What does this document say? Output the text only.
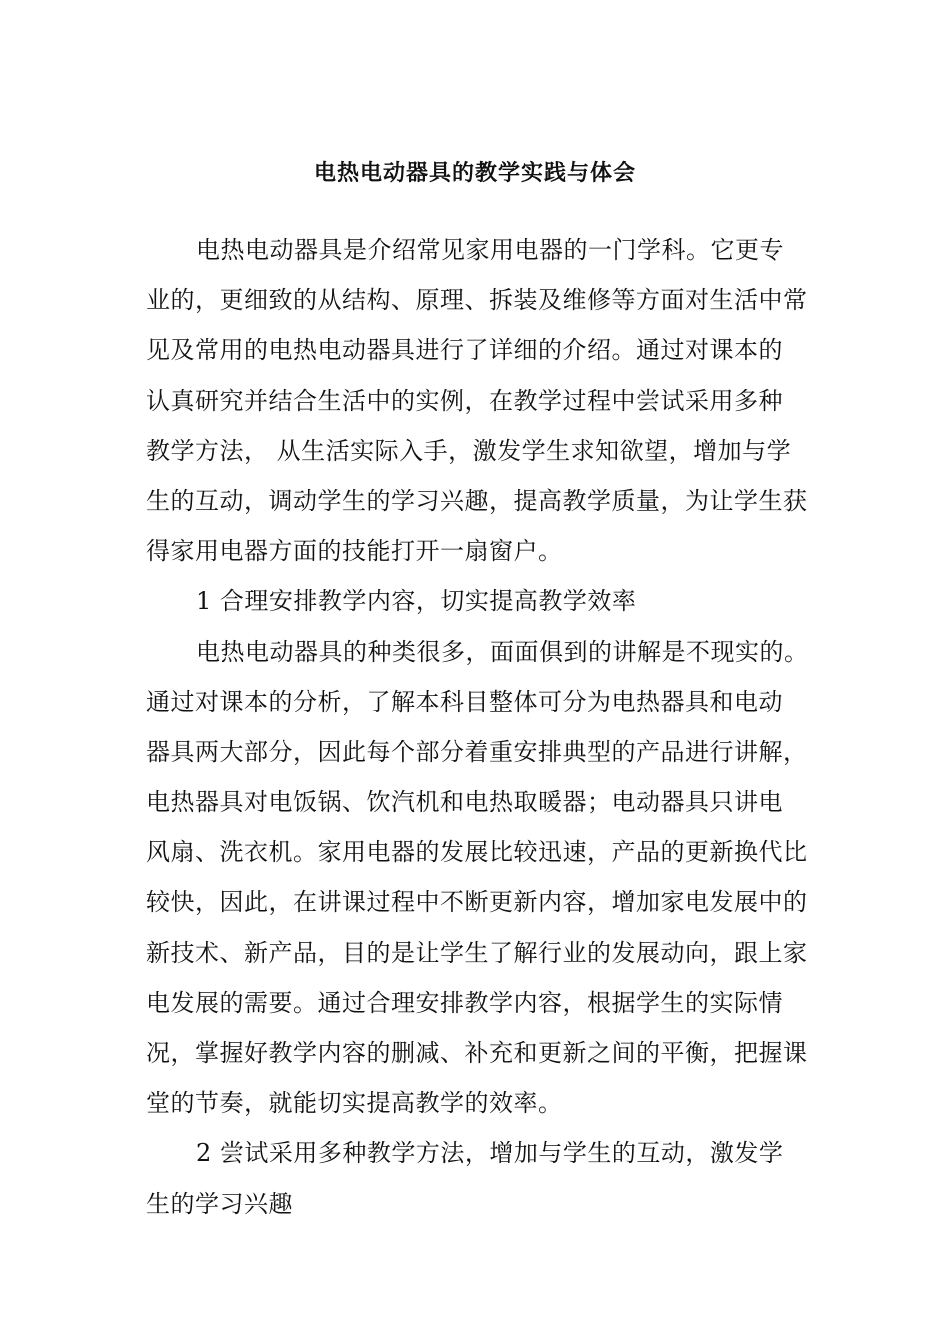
电热电动器具的教学实践与体会
电热电动器具是介绍常见家用电器的一门学科。它更专
业的，更细致的从结构、原理、拆装及维修等方面对生活中常
见及常用的电热电动器具进行了详细的介绍。通过对课本的
认真研究并结合生活中的实例，在教学过程中尝试采用多种
教学方法， 从生活实际入手，激发学生求知欲望，增加与学
生的互动，调动学生的学习兴趣，提高教学质量，为让学生获
得家用电器方面的技能打开一扇窗户。
1 合理安排教学内容，切实提高教学效率
电热电动器具的种类很多，面面俱到的讲解是不现实的。
通过对课本的分析，了解本科目整体可分为电热器具和电动
器具两大部分，因此每个部分着重安排典型的产品进行讲解，
电热器具对电饭锅、饮汽机和电热取暖器；电动器具只讲电
风扇、洗衣机。家用电器的发展比较迅速，产品的更新换代比
较快，因此，在讲课过程中不断更新内容，增加家电发展中的
新技术、新产品，目的是让学生了解行业的发展动向，跟上家
电发展的需要。通过合理安排教学内容，根据学生的实际情
况，掌握好教学内容的删减、补充和更新之间的平衡，把握课
堂的节奏，就能切实提高教学的效率。
2 尝试采用多种教学方法，增加与学生的互动，激发学
生的学习兴趣
